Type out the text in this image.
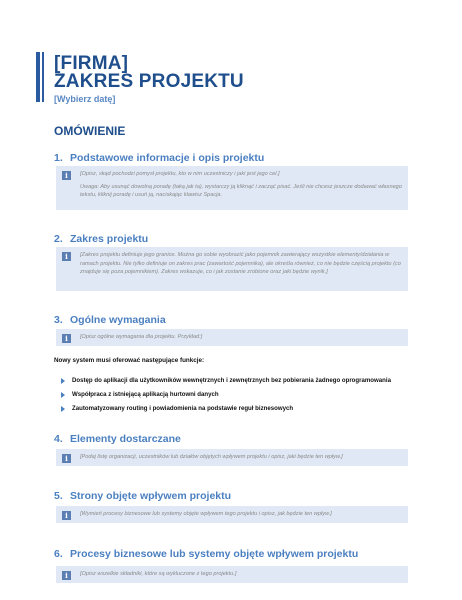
[FIRMA]
ZAKRES PROJEKTU
[Wybierz datę]
OMÓWIENIE
1. Podstawowe informacje i opis projektu
i	[Opisz, skąd pochodzi pomysł projektu, kto w nim uczestniczy i jaki jest jego cel.]

Uwaga: Aby usunąć dowolną poradę (taką jak ta), wystarczy ją kliknąć i zacząć pisać. Jeśli nie chcesz jeszcze dodawać własnego tekstu, kliknij poradę i usuń ją, naciskając klawisz Spacja.

2. Zakres projektu
i	[Zakres projektu definiuje jego granice. Można go sobie wyobrazić jako pojemnik zawierający wszystkie elementy/działania w ramach projektu. Nie tylko definiuje on zakres prac (zawartość pojemnika), ale określa również, co nie będzie częścią projektu (co znajduje się poza pojemnikiem). Zakres wskazuje, co i jak zostanie zrobione oraz jaki będzie wynik.]

3. Ogólne wymagania
i	[Opisz ogólne wymagania dla projektu. Przykład:]

Nowy system musi oferować następujące funkcje:

Dostęp do aplikacji dla użytkowników wewnętrznych i zewnętrznych bez pobierania żadnego oprogramowania
Współpraca z istniejącą aplikacją hurtowni danych
Zautomatyzowany routing i powiadomienia na podstawie reguł biznesowych
4. Elementy dostarczane
i	[Podaj listę organizacji, uczestników lub działów objętych wpływem projektu i opisz, jaki będzie ten wpływ.]

5. Strony objęte wpływem projektu
i	[Wymień procesy biznesowe lub systemy objęte wpływem tego projektu i opisz, jak będzie ten wpływ.]

6. Procesy biznesowe lub systemy objęte wpływem projektu
i	[Opisz wszelkie składniki, które są wykluczone z tego projektu.]
